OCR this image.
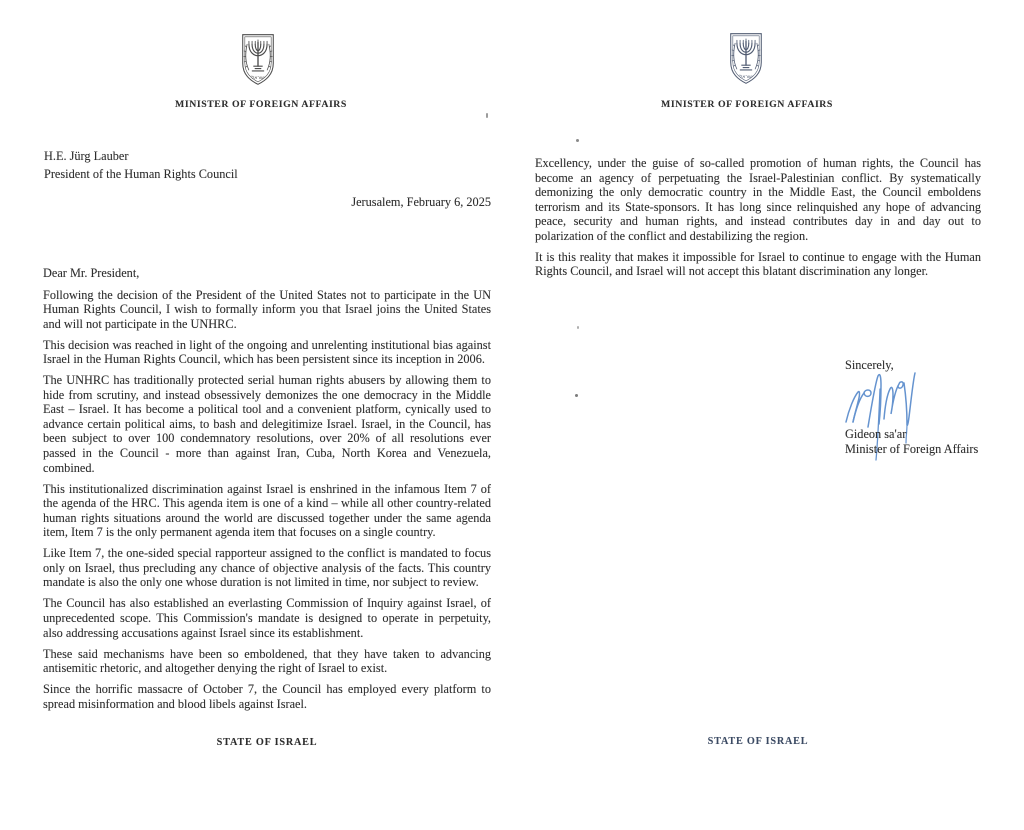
MINISTER OF FOREIGN AFFAIRS
H.E. Jürg Lauber
President of the Human Rights Council
Jerusalem, February 6, 2025

Dear Mr. President,

Following the decision of the President of the United States not to participate in the UN Human Rights Council, I wish to formally inform you that Israel joins the United States and will not participate in the UNHRC.

This decision was reached in light of the ongoing and unrelenting institutional bias against Israel in the Human Rights Council, which has been persistent since its inception in 2006.

The UNHRC has traditionally protected serial human rights abusers by allowing them to hide from scrutiny, and instead obsessively demonizes the one democracy in the Middle East – Israel. It has become a political tool and a convenient platform, cynically used to advance certain political aims, to bash and delegitimize Israel. Israel, in the Council, has been subject to over 100 condemnatory resolutions, over 20% of all resolutions ever passed in the Council - more than against Iran, Cuba, North Korea and Venezuela, combined.

This institutionalized discrimination against Israel is enshrined in the infamous Item 7 of the agenda of the HRC. This agenda item is one of a kind – while all other country-related human rights situations around the world are discussed together under the same agenda item, Item 7 is the only permanent agenda item that focuses on a single country.

Like Item 7, the one-sided special rapporteur assigned to the conflict is mandated to focus only on Israel, thus precluding any chance of objective analysis of the facts. This country mandate is also the only one whose duration is not limited in time, nor subject to review.

The Council has also established an everlasting Commission of Inquiry against Israel, of unprecedented scope. This Commission's mandate is designed to operate in perpetuity, also addressing accusations against Israel since its establishment.

These said mechanisms have been so emboldened, that they have taken to advancing antisemitic rhetoric, and altogether denying the right of Israel to exist.

Since the horrific massacre of October 7, the Council has employed every platform to spread misinformation and blood libels against Israel.

STATE OF ISRAEL
MINISTER OF FOREIGN AFFAIRS

Excellency, under the guise of so-called promotion of human rights, the Council has become an agency of perpetuating the Israel-Palestinian conflict. By systematically demonizing the only democratic country in the Middle East, the Council emboldens terrorism and its State-sponsors. It has long since relinquished any hope of advancing peace, security and human rights, and instead contributes day in and day out to polarization of the conflict and destabilizing the region.

It is this reality that makes it impossible for Israel to continue to engage with the Human Rights Council, and Israel will not accept this blatant discrimination any longer.

Sincerely,
Gideon sa'ar
Minister of Foreign Affairs
STATE OF ISRAEL
